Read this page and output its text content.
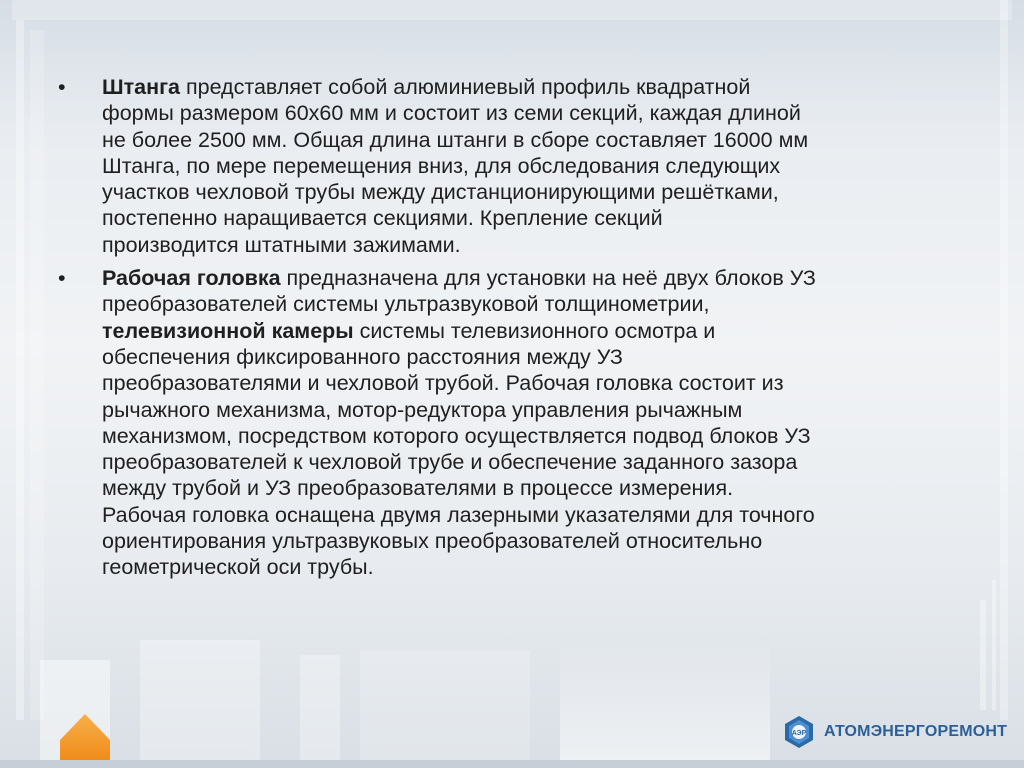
• Штанга представляет собой алюминиевый профиль квадратной
формы размером 60х60 мм и состоит из семи секций, каждая длиной
не более 2500 мм. Общая длина штанги в сборе составляет 16000 мм
Штанга, по мере перемещения вниз, для обследования следующих
участков чехловой трубы между дистанционирующими решётками,
постепенно наращивается секциями. Крепление секций
производится штатными зажимами.
• Рабочая головка предназначена для установки на неё двух блоков УЗ
преобразователей системы ультразвуковой толщинометрии,
телевизионной камеры системы телевизионного осмотра и
обеспечения фиксированного расстояния между УЗ
преобразователями и чехловой трубой. Рабочая головка состоит из
рычажного механизма, мотор-редуктора управления рычажным
механизмом, посредством которого осуществляется подвод блоков УЗ
преобразователей к чехловой трубе и обеспечение заданного зазора
между трубой и УЗ преобразователями в процессе измерения.
Рабочая головка оснащена двумя лазерными указателями для точного
ориентирования ультразвуковых преобразователей относительно
геометрической оси трубы.
АЭР АТОМЭНЕРГОРЕМОНТ
